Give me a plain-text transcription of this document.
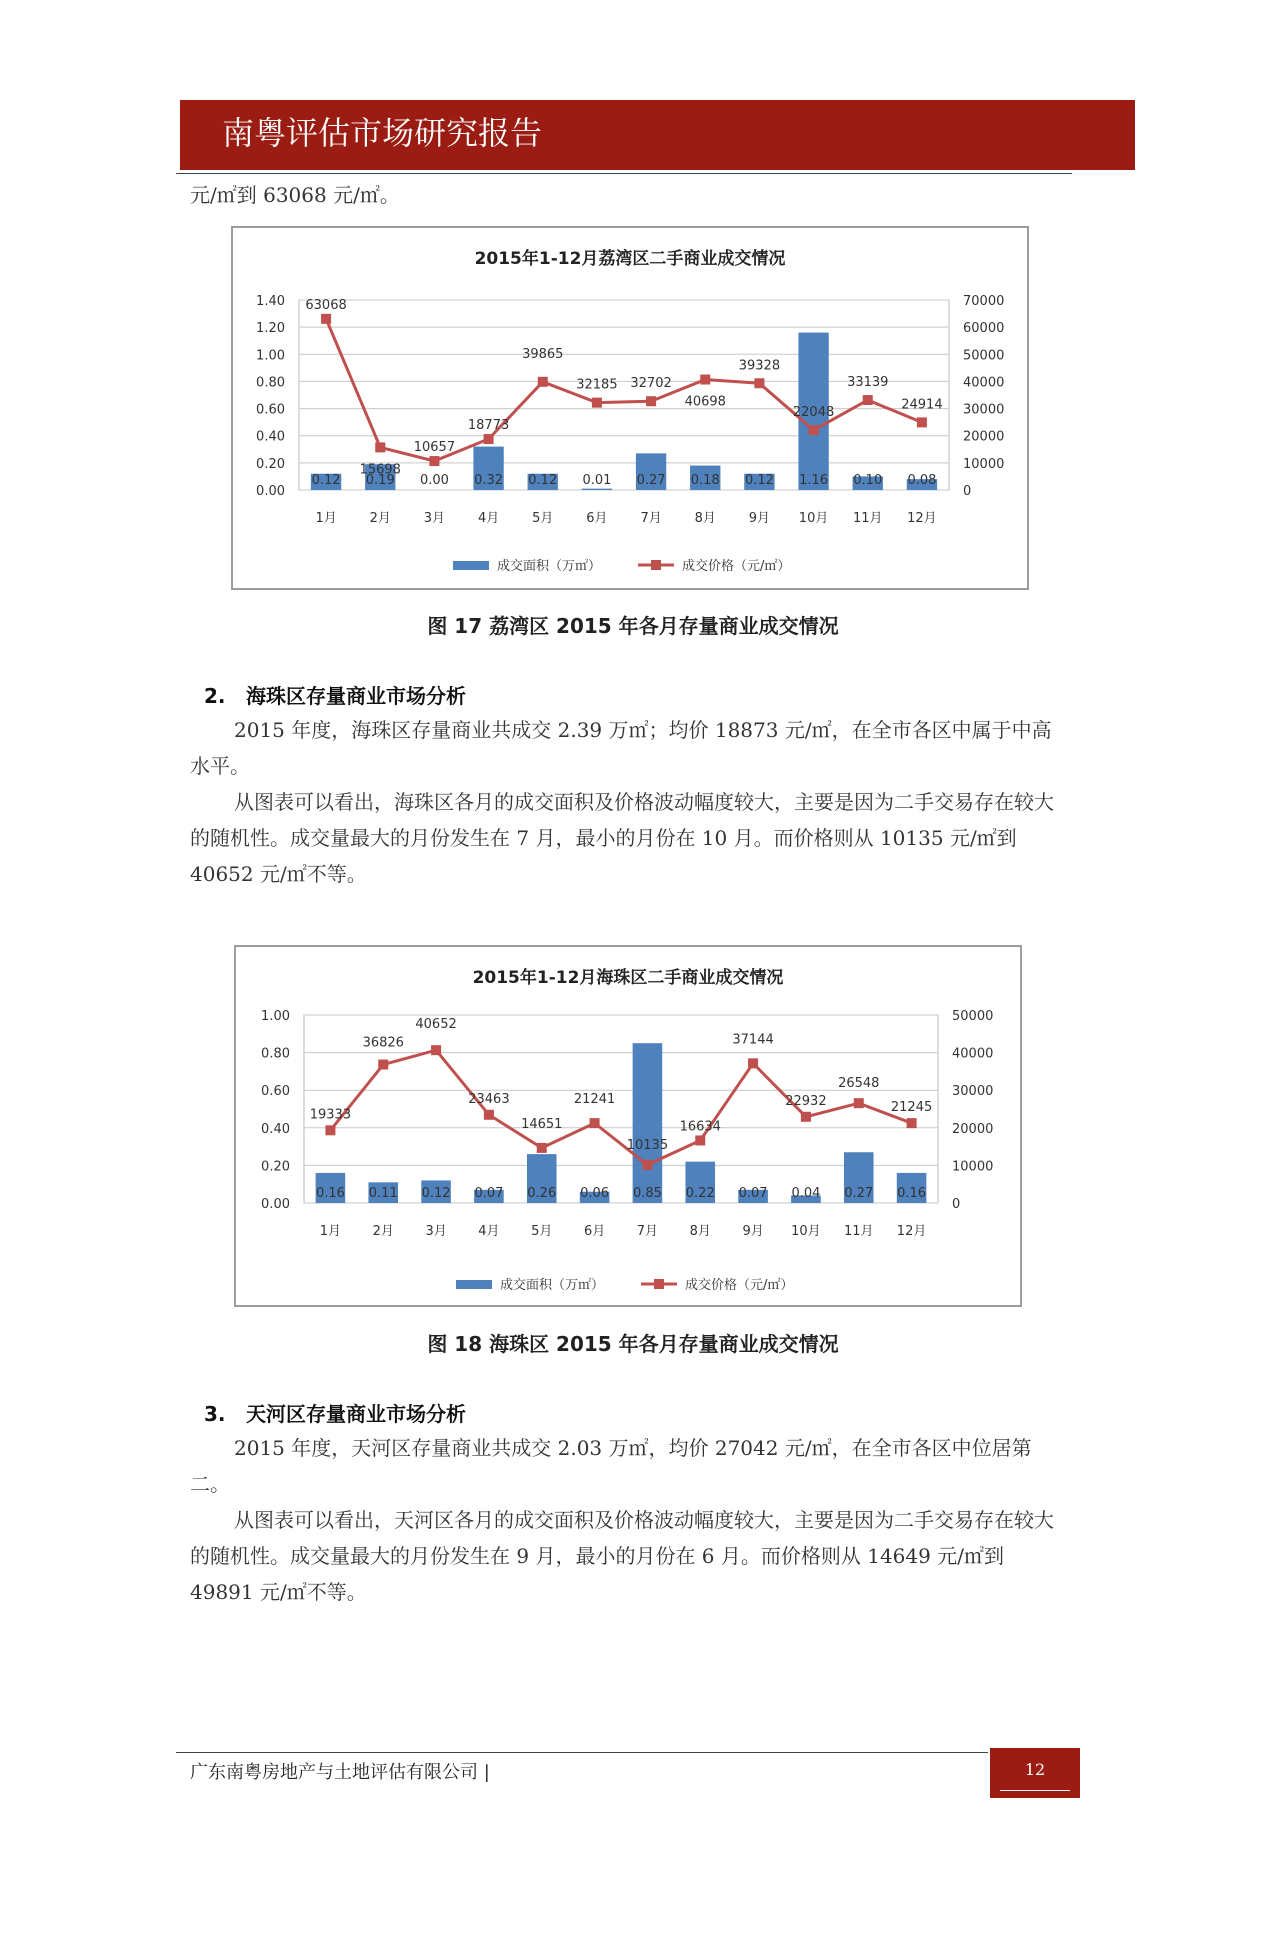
南粤评估市场研究报告

元/㎡到 63068 元/㎡。

2015年1-12月荔湾区二手商业成交情况
1.40	70000
1.20	60000
1.00	50000
0.80	40000
0.60	30000
0.40	20000
0.20	10000
0.00	0
0.12
1月
0.19
2月
0.00
3月
0.32
4月
0.12
5月
0.01
6月
0.27
7月
0.18
8月
0.12
9月
1.16
10月
0.10
11月
0.08
12月
63068
15698
10657
18773
39865
32185 32702
40698
39328
22048
33139
24914
成交面积（万㎡）	成交价格（元/㎡）
图 17 荔湾区 2015 年各月存量商业成交情况
2. 海珠区存量商业市场分析

2015 年度，海珠区存量商业共成交 2.39 万㎡；均价 18873 元/㎡，在全市各区中属于中高水平。

从图表可以看出，海珠区各月的成交面积及价格波动幅度较大，主要是因为二手交易存在较大的随机性。成交量最大的月份发生在 7 月，最小的月份在 10 月。而价格则从 10135 元/㎡到 40652 元/㎡不等。

2015年1-12月海珠区二手商业成交情况
1.00	50000
0.80	40000
0.60	30000
0.40	20000
0.20	10000
0.00	0
0.16
1月
0.11
2月
0.12
3月
0.07
4月
0.26
5月
0.06
6月
0.85
7月
0.22
8月
0.07
9月
0.04
10月
0.27
11月
0.16
12月
19333
36826
40652
23463
14651
21241
10135
16634
37144
22932
26548
21245
成交面积（万㎡）	成交价格（元/㎡）
图 18 海珠区 2015 年各月存量商业成交情况
3. 天河区存量商业市场分析

2015 年度，天河区存量商业共成交 2.03 万㎡，均价 27042 元/㎡，在全市各区中位居第二。

从图表可以看出，天河区各月的成交面积及价格波动幅度较大，主要是因为二手交易存在较大的随机性。成交量最大的月份发生在 9 月，最小的月份在 6 月。而价格则从 14649 元/㎡到 49891 元/㎡不等。

广东南粤房地产与土地评估有限公司 |	12
